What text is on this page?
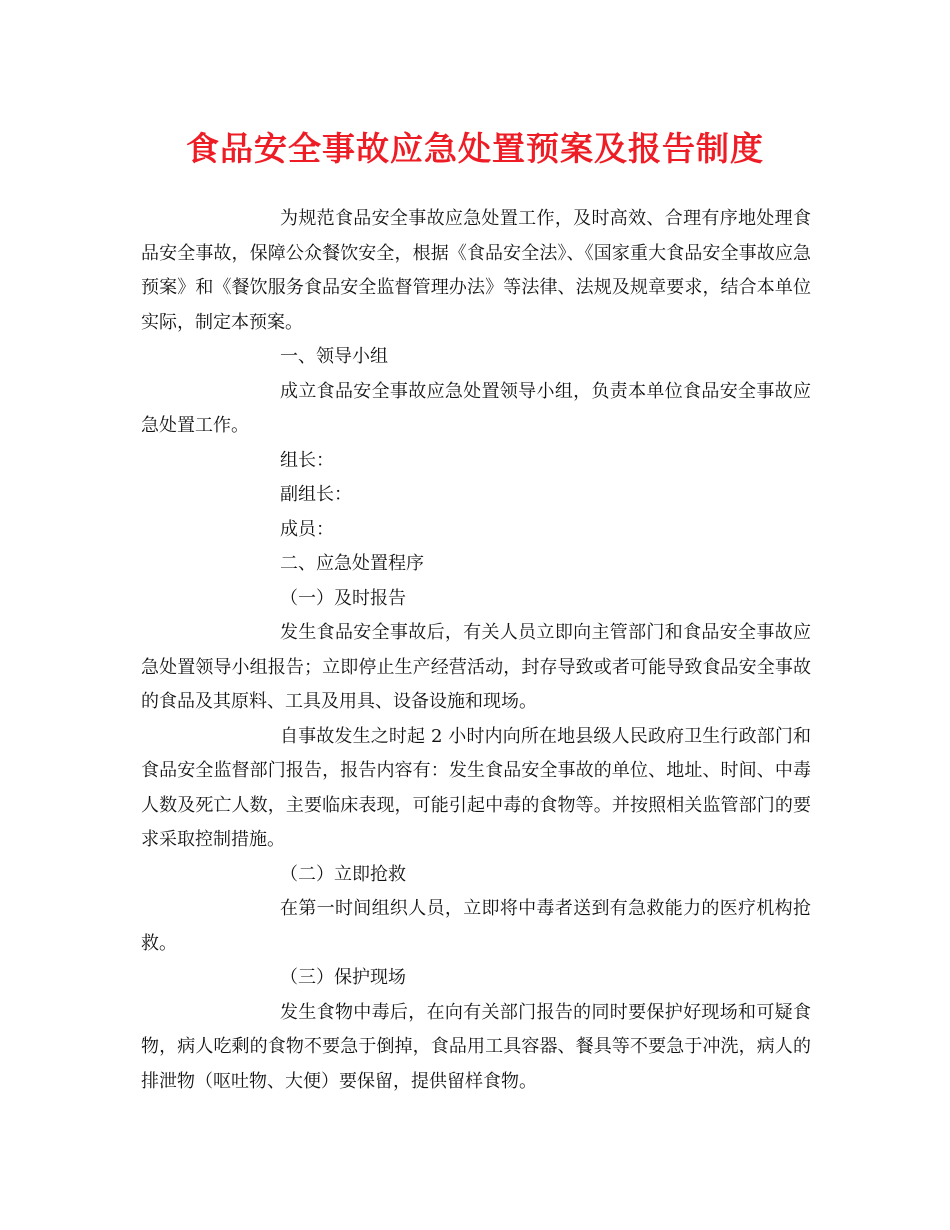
食品安全事故应急处置预案及报告制度

为规范食品安全事故应急处置工作，及时高效、合理有序地处理食品安全事故，保障公众餐饮安全，根据《食品安全法》、《国家重大食品安全事故应急预案》和《餐饮服务食品安全监督管理办法》等法律、法规及规章要求，结合本单位实际，制定本预案。

一、领导小组

成立食品安全事故应急处置领导小组，负责本单位食品安全事故应急处置工作。

组长：

副组长：

成员：

二、应急处置程序

（一）及时报告

发生食品安全事故后，有关人员立即向主管部门和食品安全事故应急处置领导小组报告；立即停止生产经营活动，封存导致或者可能导致食品安全事故的食品及其原料、工具及用具、设备设施和现场。

自事故发生之时起 2 小时内向所在地县级人民政府卫生行政部门和食品安全监督部门报告，报告内容有：发生食品安全事故的单位、地址、时间、中毒人数及死亡人数，主要临床表现，可能引起中毒的食物等。并按照相关监管部门的要求采取控制措施。

（二）立即抢救

在第一时间组织人员，立即将中毒者送到有急救能力的医疗机构抢救。

（三）保护现场

发生食物中毒后，在向有关部门报告的同时要保护好现场和可疑食物，病人吃剩的食物不要急于倒掉，食品用工具容器、餐具等不要急于冲洗，病人的排泄物（呕吐物、大便）要保留，提供留样食物。
